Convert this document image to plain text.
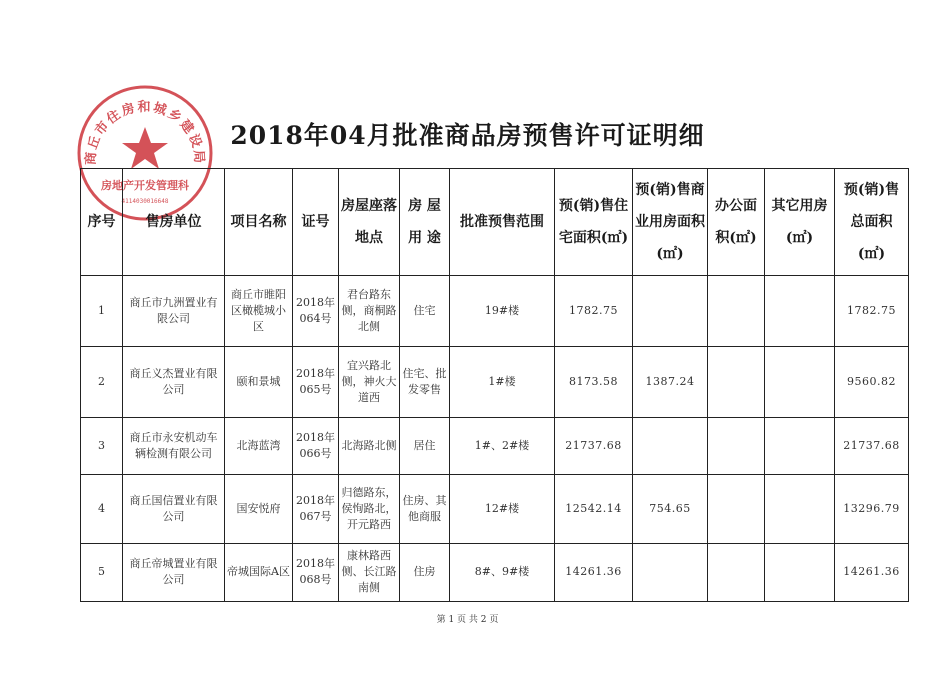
商丘市住房和城乡建设局
房地产开发管理科
4114030016648
2018年04月批准商品房预售许可证明细
序号	售房单位	项目名称	证号	房屋座落地点	房 屋用 途	批准预售范围	预(销)售住宅面积(㎡)	预(销)售商业用房面积(㎡)	办公面积(㎡)	其它用房(㎡)	预(销)售总面积(㎡)
1	商丘市九洲置业有限公司	商丘市睢阳区橄榄城小区	2018年064号	君台路东侧，商桐路北侧	住宅	19#楼	1782.75				1782.75
2	商丘义杰置业有限公司	颐和景城	2018年065号	宜兴路北侧，神火大道西	住宅、批发零售	1#楼	8173.58	1387.24			9560.82
3	商丘市永安机动车辆检测有限公司	北海蓝湾	2018年066号	北海路北侧	居住	1#、2#楼	21737.68				21737.68
4	商丘国信置业有限公司	国安悦府	2018年067号	归德路东，侯恂路北，开元路西	住房、其他商服	12#楼	12542.14	754.65			13296.79
5	商丘帝城置业有限公司	帝城国际A区	2018年068号	康林路西侧、长江路南侧	住房	8#、9#楼	14261.36				14261.36
第 1 页 共 2 页
